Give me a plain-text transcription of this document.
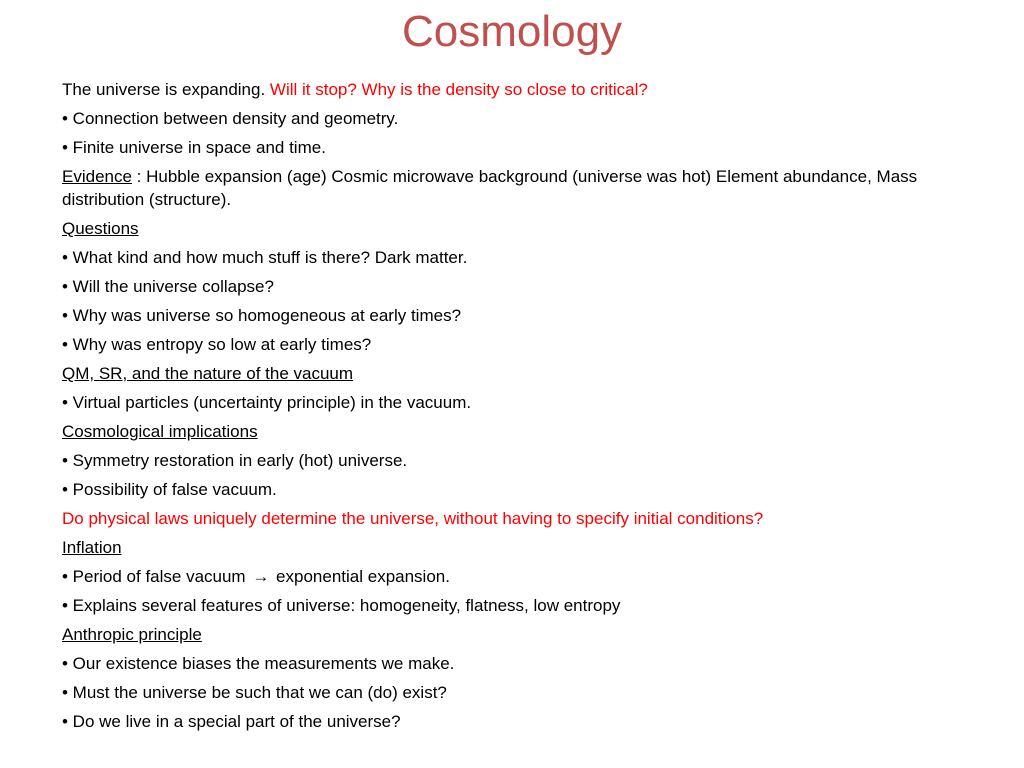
Cosmology
The universe is expanding. Will it stop? Why is the density so close to critical?
• Connection between density and geometry.
• Finite universe in space and time.
Evidence : Hubble expansion (age) Cosmic microwave background (universe was hot) Element abundance, Mass distribution (structure).
Questions
• What kind and how much stuff is there? Dark matter.
• Will the universe collapse?
• Why was universe so homogeneous at early times?
• Why was entropy so low at early times?
QM, SR, and the nature of the vacuum
• Virtual particles (uncertainty principle) in the vacuum.
Cosmological implications
• Symmetry restoration in early (hot) universe.
• Possibility of false vacuum.
Do physical laws uniquely determine the universe, without having to specify initial conditions?
Inflation
• Period of false vacuum → exponential expansion.
• Explains several features of universe: homogeneity, flatness, low entropy
Anthropic principle
• Our existence biases the measurements we make.
• Must the universe be such that we can (do) exist?
• Do we live in a special part of the universe?
